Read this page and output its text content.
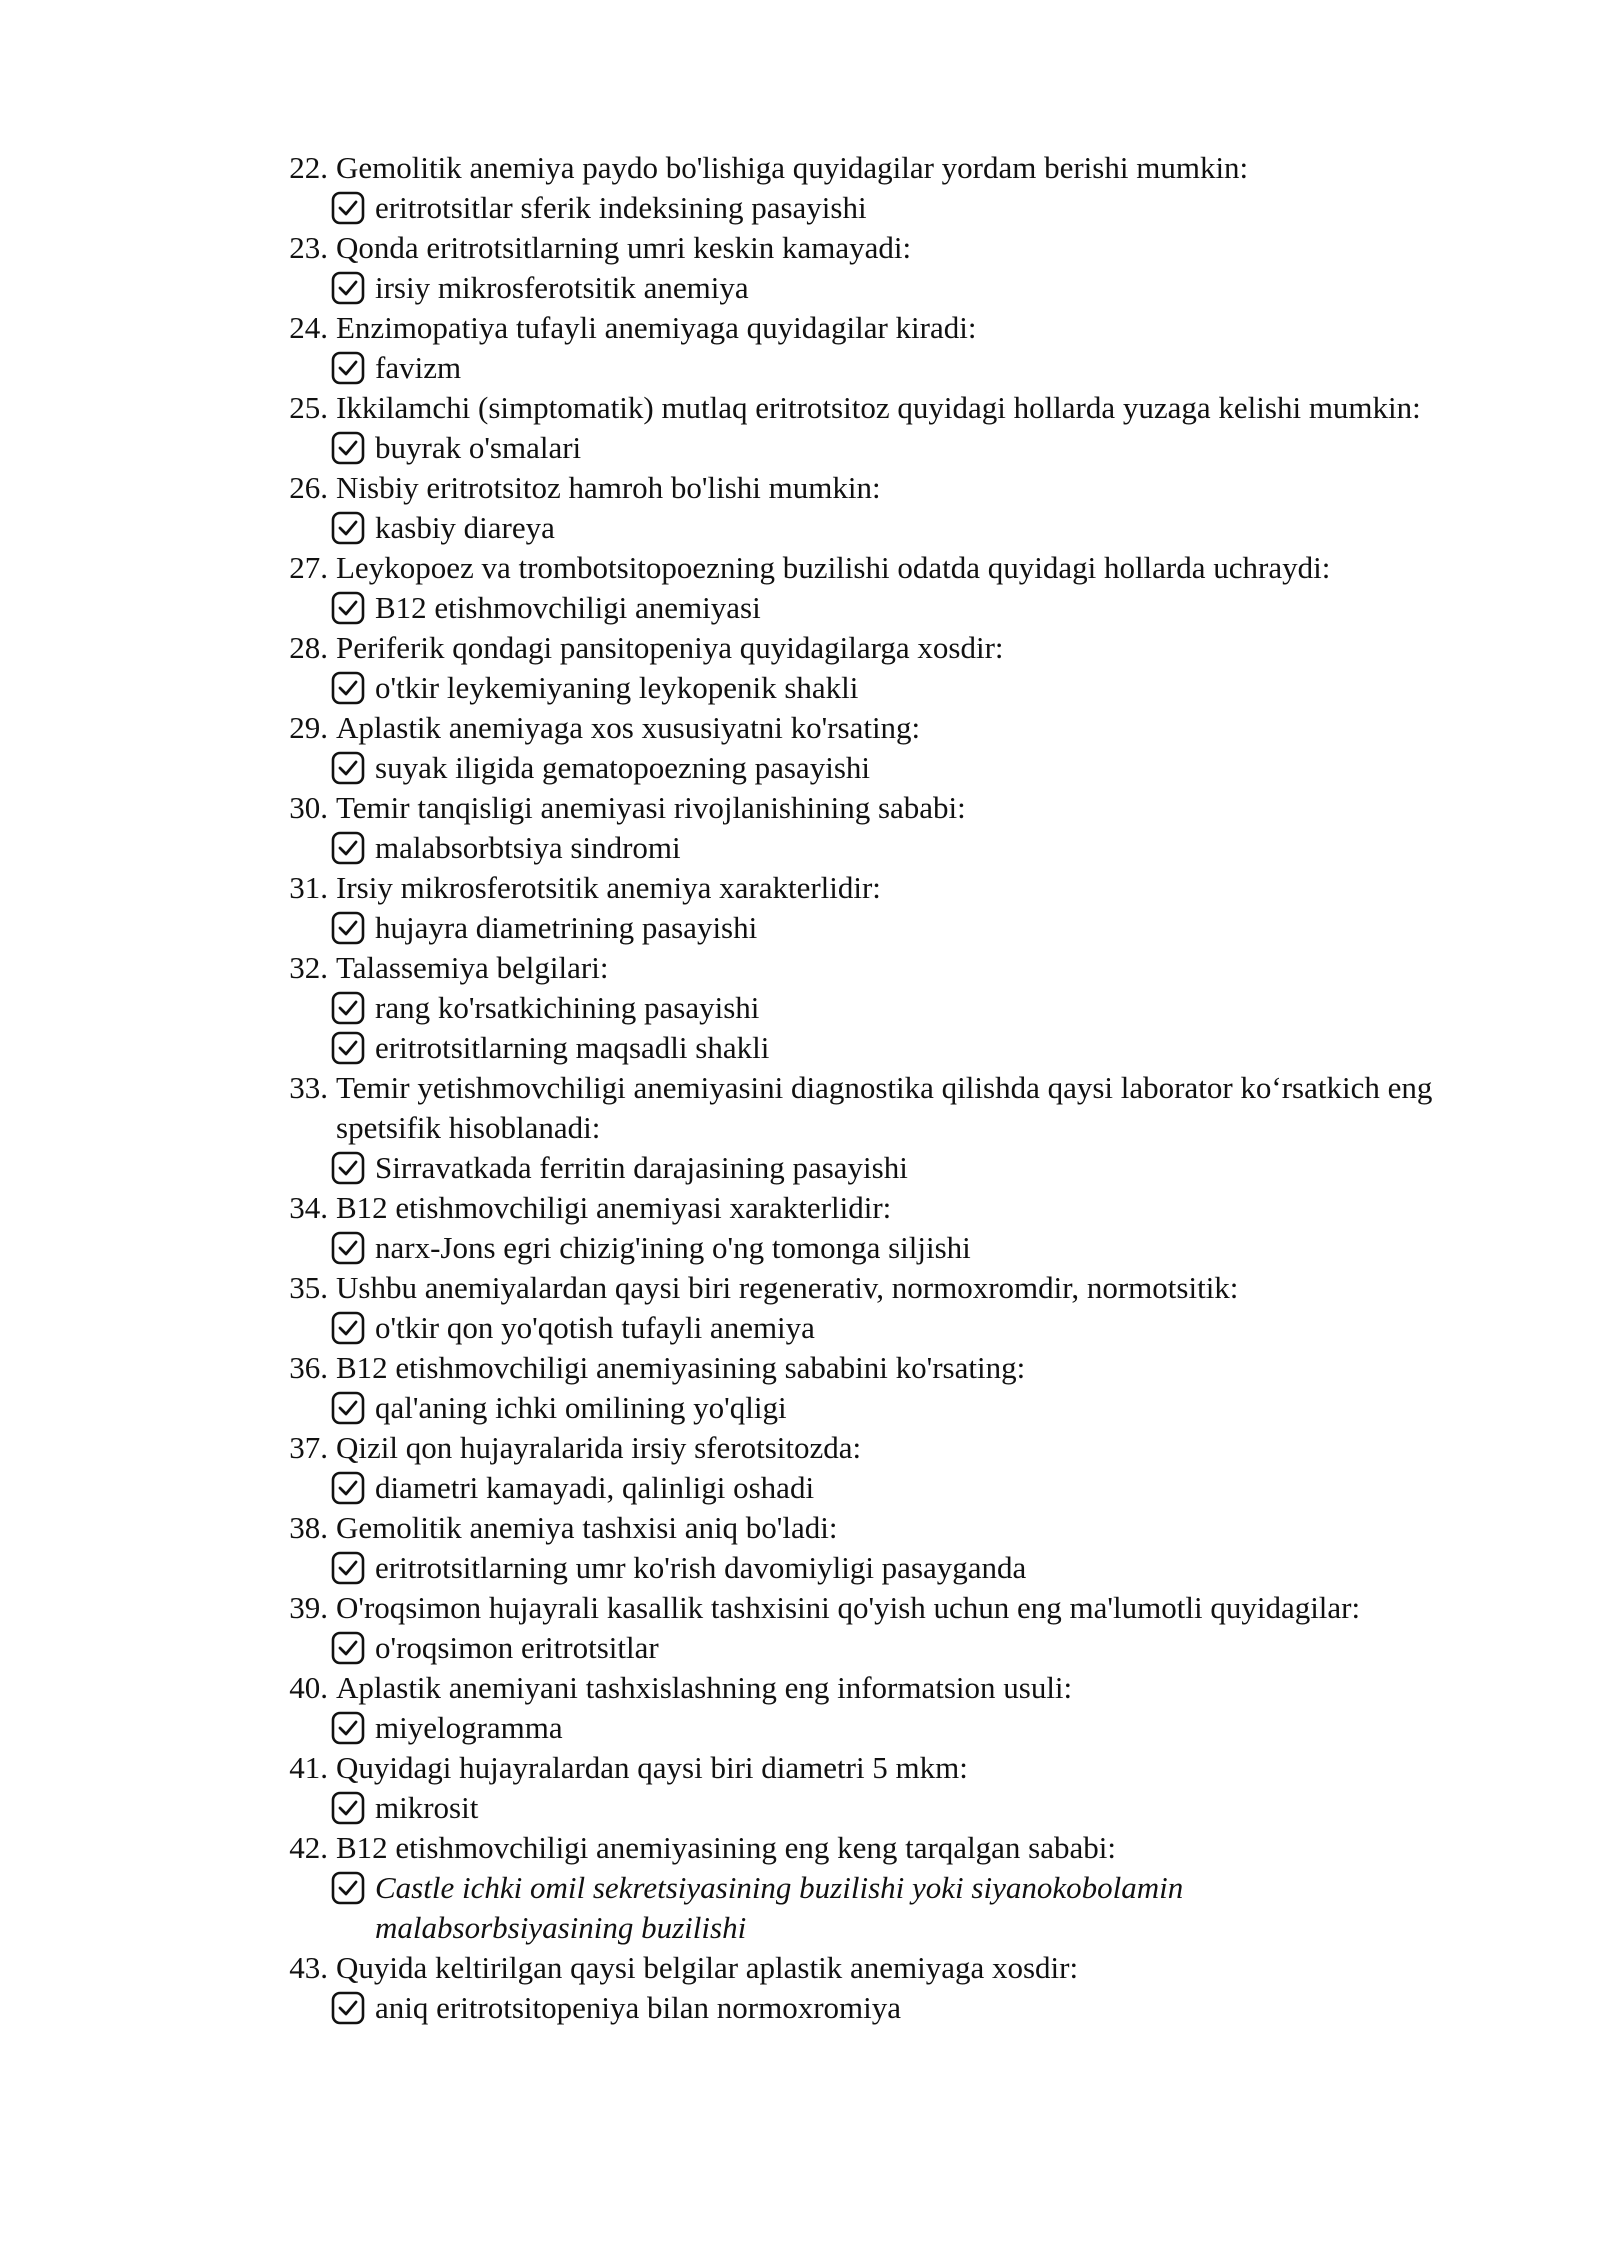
22. Gemolitik anemiya paydo bo'lishiga quyidagilar yordam berishi mumkin:
eritrotsitlar sferik indeksining pasayishi
23. Qonda eritrotsitlarning umri keskin kamayadi:
irsiy mikrosferotsitik anemiya
24. Enzimopatiya tufayli anemiyaga quyidagilar kiradi:
favizm
25. Ikkilamchi (simptomatik) mutlaq eritrotsitoz quyidagi hollarda yuzaga kelishi mumkin:
buyrak o'smalari
26. Nisbiy eritrotsitoz hamroh bo'lishi mumkin:
kasbiy diareya
27. Leykopoez va trombotsitopoezning buzilishi odatda quyidagi hollarda uchraydi:
B12 etishmovchiligi anemiyasi
28. Periferik qondagi pansitopeniya quyidagilarga xosdir:
o'tkir leykemiyaning leykopenik shakli
29. Aplastik anemiyaga xos xususiyatni ko'rsating:
suyak iligida gematopoezning pasayishi
30. Temir tanqisligi anemiyasi rivojlanishining sababi:
malabsorbtsiya sindromi
31. Irsiy mikrosferotsitik anemiya xarakterlidir:
hujayra diametrining pasayishi
32. Talassemiya belgilari:
rang ko'rsatkichining pasayishi
eritrotsitlarning maqsadli shakli
33. Temir yetishmovchiligi anemiyasini diagnostika qilishda qaysi laborator ko‘rsatkich eng spetsifik hisoblanadi:
Sirravatkada ferritin darajasining pasayishi
34. B12 etishmovchiligi anemiyasi xarakterlidir:
narx-Jons egri chizig'ining o'ng tomonga siljishi
35. Ushbu anemiyalardan qaysi biri regenerativ, normoxromdir, normotsitik:
o'tkir qon yo'qotish tufayli anemiya
36. B12 etishmovchiligi anemiyasining sababini ko'rsating:
qal'aning ichki omilining yo'qligi
37. Qizil qon hujayralarida irsiy sferotsitozda:
diametri kamayadi, qalinligi oshadi
38. Gemolitik anemiya tashxisi aniq bo'ladi:
eritrotsitlarning umr ko'rish davomiyligi pasayganda
39. O'roqsimon hujayrali kasallik tashxisini qo'yish uchun eng ma'lumotli quyidagilar:
o'roqsimon eritrotsitlar
40. Aplastik anemiyani tashxislashning eng informatsion usuli:
miyelogramma
41. Quyidagi hujayralardan qaysi biri diametri 5 mkm:
mikrosit
42. B12 etishmovchiligi anemiyasining eng keng tarqalgan sababi:
Castle ichki omil sekretsiyasining buzilishi yoki siyanokobolamin malabsorbsiyasining buzilishi
43. Quyida keltirilgan qaysi belgilar aplastik anemiyaga xosdir:
aniq eritrotsitopeniya bilan normoxromiya
